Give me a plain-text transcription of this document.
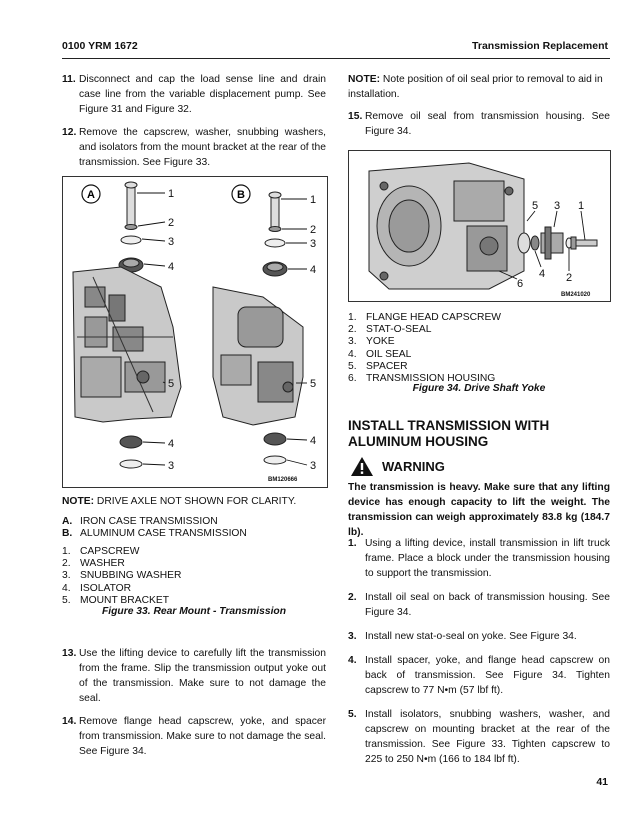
0100 YRM 1672	Transmission Replacement
11. Disconnect and cap the load sense line and drain case line from the variable displacement pump. See Figure 31 and Figure 32.
12. Remove the capscrew, washer, snubbing washers, and isolators from the mount bracket at the rear of the transmission. See Figure 33.
A	B
1
2
3
4
5
4
3
1
2
3
4
5
4
3
BM120666
NOTE: DRIVE AXLE NOT SHOWN FOR CLARITY.
A. IRON CASE TRANSMISSION
B. ALUMINUM CASE TRANSMISSION
1. CAPSCREW
2. WASHER
3. SNUBBING WASHER
4. ISOLATOR
5. MOUNT BRACKET
Figure 33. Rear Mount - Transmission
13. Use the lifting device to carefully lift the transmission from the frame. Slip the transmission output yoke out of the transmission. Make sure to not damage the seal.
14. Remove flange head capscrew, yoke, and spacer from transmission. Make sure to not damage the seal. See Figure 34.
NOTE: Note position of oil seal prior to removal to aid in installation.
15. Remove oil seal from transmission housing. See Figure 34.
5 3 1
6
4 2
BM241020
1. FLANGE HEAD CAPSCREW
2. STAT-O-SEAL
3. YOKE
4. OIL SEAL
5. SPACER
6. TRANSMISSION HOUSING
Figure 34. Drive Shaft Yoke
INSTALL TRANSMISSION WITH
ALUMINUM HOUSING
WARNING
The transmission is heavy. Make sure that any lifting device has enough capacity to lift the weight. The transmission can weigh approximately 83.8 kg (184.7 lb).
1. Using a lifting device, install transmission in lift truck frame. Place a block under the transmission housing to support the transmission.
2. Install oil seal on back of transmission housing. See Figure 34.
3. Install new stat-o-seal on yoke. See Figure 34.
4. Install spacer, yoke, and flange head capscrew on back of transmission. See Figure 34. Tighten capscrew to 77 N•m (57 lbf ft).
5. Install isolators, snubbing washers, washer, and capscrew on mounting bracket at the rear of the transmission. See Figure 33. Tighten capscrew to 225 to 250 N•m (166 to 184 lbf ft).
41
